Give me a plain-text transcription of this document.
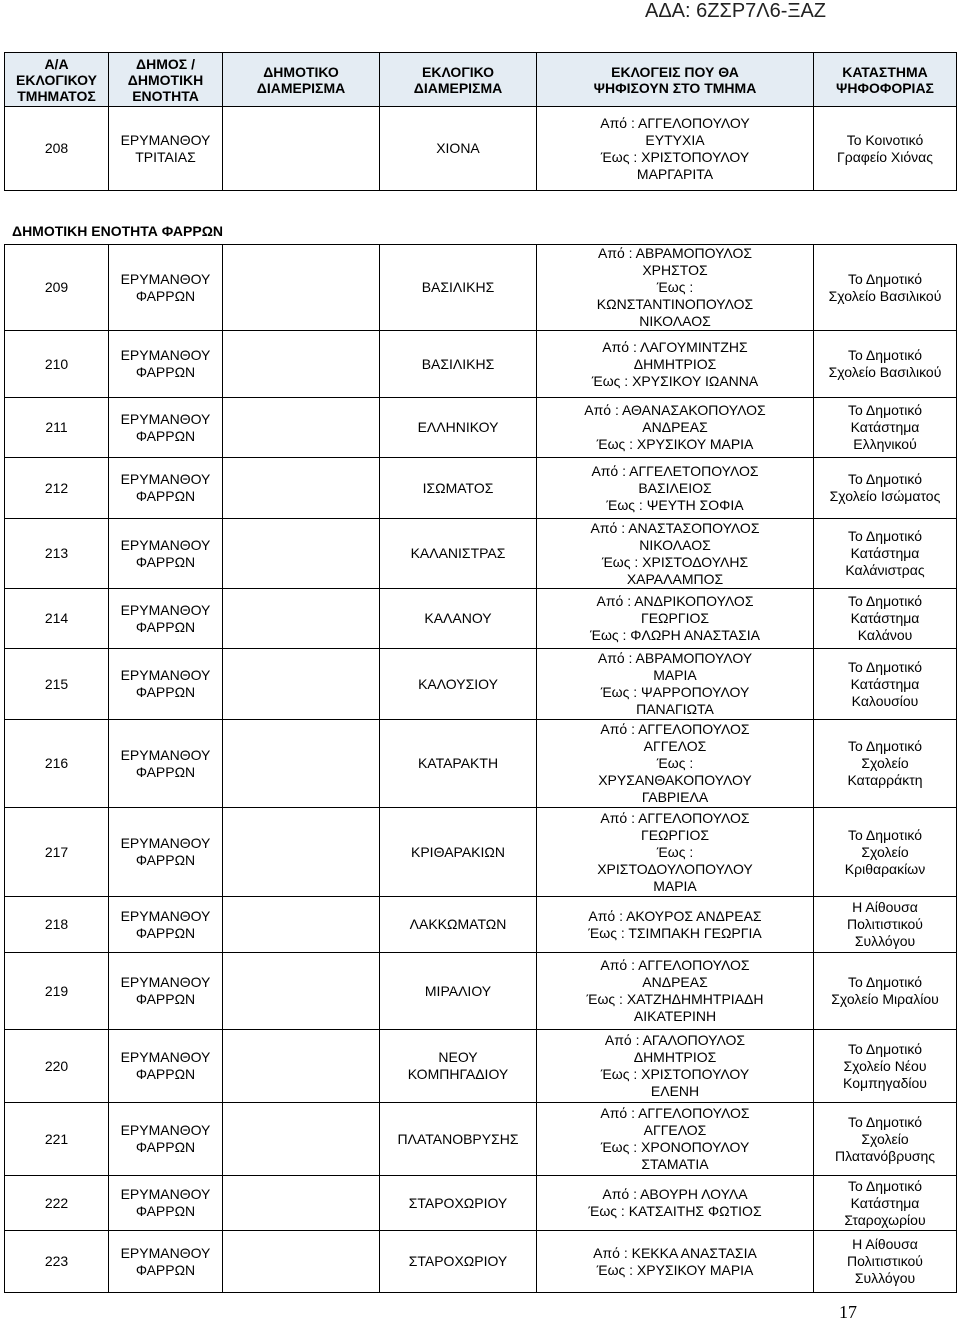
ΑΔΑ: 6ΖΣΡ7Λ6-ΞΑΖ
Α/Α
ΕΚΛΟΓΙΚΟΥ
ΤΜΗΜΑΤΟΣ	ΔΗΜΟΣ /
ΔΗΜΟΤΙΚΗ
ΕΝΟΤΗΤΑ	ΔΗΜΟΤΙΚΟ
ΔΙΑΜΕΡΙΣΜΑ	ΕΚΛΟΓΙΚΟ
ΔΙΑΜΕΡΙΣΜΑ	ΕΚΛΟΓΕΙΣ ΠΟΥ ΘΑ
ΨΗΦΙΣΟΥΝ ΣΤΟ ΤΜΗΜΑ	ΚΑΤΑΣΤΗΜΑ
ΨΗΦΟΦΟΡΙΑΣ
208	ΕΡΥΜΑΝΘΟΥ
ΤΡΙΤΑΙΑΣ		ΧΙΟΝΑ	Από : ΑΓΓΕΛΟΠΟΥΛΟΥ
ΕΥΤΥΧΙΑ
Έως : ΧΡΙΣΤΟΠΟΥΛΟΥ
ΜΑΡΓΑΡΙΤΑ	Το Κοινοτικό
Γραφείο Χιόνας
ΔΗΜΟΤΙΚΗ ΕΝΟΤΗΤΑ ΦΑΡΡΩΝ
209	ΕΡΥΜΑΝΘΟΥ
ΦΑΡΡΩΝ		ΒΑΣΙΛΙΚΗΣ	Από : ΑΒΡΑΜΟΠΟΥΛΟΣ
ΧΡΗΣΤΟΣ
Έως :
ΚΩΝΣΤΑΝΤΙΝΟΠΟΥΛΟΣ
ΝΙΚΟΛΑΟΣ	Το Δημοτικό
Σχολείο Βασιλικού
210	ΕΡΥΜΑΝΘΟΥ
ΦΑΡΡΩΝ		ΒΑΣΙΛΙΚΗΣ	Από : ΛΑΓΟΥΜΙΝΤΖΗΣ
ΔΗΜΗΤΡΙΟΣ
Έως : ΧΡΥΣΙΚΟΥ ΙΩΑΝΝΑ	Το Δημοτικό
Σχολείο Βασιλικού
211	ΕΡΥΜΑΝΘΟΥ
ΦΑΡΡΩΝ		ΕΛΛΗΝΙΚΟΥ	Από : ΑΘΑΝΑΣΑΚΟΠΟΥΛΟΣ
ΑΝΔΡΕΑΣ
Έως : ΧΡΥΣΙΚΟΥ ΜΑΡΙΑ	Το Δημοτικό
Κατάστημα
Ελληνικού
212	ΕΡΥΜΑΝΘΟΥ
ΦΑΡΡΩΝ		ΙΣΩΜΑΤΟΣ	Από : ΑΓΓΕΛΕΤΟΠΟΥΛΟΣ
ΒΑΣΙΛΕΙΟΣ
Έως : ΨΕΥΤΗ ΣΟΦΙΑ	Το Δημοτικό
Σχολείο Ισώματος
213	ΕΡΥΜΑΝΘΟΥ
ΦΑΡΡΩΝ		ΚΑΛΑΝΙΣΤΡΑΣ	Από : ΑΝΑΣΤΑΣΟΠΟΥΛΟΣ
ΝΙΚΟΛΑΟΣ
Έως : ΧΡΙΣΤΟΔΟΥΛΗΣ
ΧΑΡΑΛΑΜΠΟΣ	Το Δημοτικό
Κατάστημα
Καλάνιστρας
214	ΕΡΥΜΑΝΘΟΥ
ΦΑΡΡΩΝ		ΚΑΛΑΝΟΥ	Από : ΑΝΔΡΙΚΟΠΟΥΛΟΣ
ΓΕΩΡΓΙΟΣ
Έως : ΦΛΩΡΗ ΑΝΑΣΤΑΣΙΑ	Το Δημοτικό
Κατάστημα
Καλάνου
215	ΕΡΥΜΑΝΘΟΥ
ΦΑΡΡΩΝ		ΚΑΛΟΥΣΙΟΥ	Από : ΑΒΡΑΜΟΠΟΥΛΟΥ
ΜΑΡΙΑ
Έως : ΨΑΡΡΟΠΟΥΛΟΥ
ΠΑΝΑΓΙΩΤΑ	Το Δημοτικό
Κατάστημα
Καλουσίου
216	ΕΡΥΜΑΝΘΟΥ
ΦΑΡΡΩΝ		ΚΑΤΑΡΑΚΤΗ	Από : ΑΓΓΕΛΟΠΟΥΛΟΣ
ΑΓΓΕΛΟΣ
Έως :
ΧΡΥΣΑΝΘΑΚΟΠΟΥΛΟΥ
ΓΑΒΡΙΕΛΑ	Το Δημοτικό
Σχολείο
Καταρράκτη
217	ΕΡΥΜΑΝΘΟΥ
ΦΑΡΡΩΝ		ΚΡΙΘΑΡΑΚΙΩΝ	Από : ΑΓΓΕΛΟΠΟΥΛΟΣ
ΓΕΩΡΓΙΟΣ
Έως :
ΧΡΙΣΤΟΔΟΥΛΟΠΟΥΛΟΥ
ΜΑΡΙΑ	Το Δημοτικό
Σχολείο
Κριθαρακίων
218	ΕΡΥΜΑΝΘΟΥ
ΦΑΡΡΩΝ		ΛΑΚΚΩΜΑΤΩΝ	Από : ΑΚΟΥΡΟΣ ΑΝΔΡΕΑΣ
Έως : ΤΣΙΜΠΑΚΗ ΓΕΩΡΓΙΑ	Η Αίθουσα
Πολιτιστικού
Συλλόγου
219	ΕΡΥΜΑΝΘΟΥ
ΦΑΡΡΩΝ		ΜΙΡΑΛΙΟΥ	Από : ΑΓΓΕΛΟΠΟΥΛΟΣ
ΑΝΔΡΕΑΣ
Έως : ΧΑΤΖΗΔΗΜΗΤΡΙΑΔΗ
ΑΙΚΑΤΕΡΙΝΗ	Το Δημοτικό
Σχολείο Μιραλίου
220	ΕΡΥΜΑΝΘΟΥ
ΦΑΡΡΩΝ		ΝΕΟΥ
ΚΟΜΠΗΓΑΔΙΟΥ	Από : ΑΓΑΛΟΠΟΥΛΟΣ
ΔΗΜΗΤΡΙΟΣ
Έως : ΧΡΙΣΤΟΠΟΥΛΟΥ
ΕΛΕΝΗ	Το Δημοτικό
Σχολείο Νέου
Κομπηγαδίου
221	ΕΡΥΜΑΝΘΟΥ
ΦΑΡΡΩΝ		ΠΛΑΤΑΝΟΒΡΥΣΗΣ	Από : ΑΓΓΕΛΟΠΟΥΛΟΣ
ΑΓΓΕΛΟΣ
Έως : ΧΡΟΝΟΠΟΥΛΟΥ
ΣΤΑΜΑΤΙΑ	Το Δημοτικό
Σχολείο
Πλατανόβρυσης
222	ΕΡΥΜΑΝΘΟΥ
ΦΑΡΡΩΝ		ΣΤΑΡΟΧΩΡΙΟΥ	Από : ΑΒΟΥΡΗ ΛΟΥΛΑ
Έως : ΚΑΤΣΑΙΤΗΣ ΦΩΤΙΟΣ	Το Δημοτικό
Κατάστημα
Σταροχωρίου
223	ΕΡΥΜΑΝΘΟΥ
ΦΑΡΡΩΝ		ΣΤΑΡΟΧΩΡΙΟΥ	Από : ΚΕΚΚΑ ΑΝΑΣΤΑΣΙΑ
Έως : ΧΡΥΣΙΚΟΥ ΜΑΡΙΑ	Η Αίθουσα
Πολιτιστικού
Συλλόγου
17
